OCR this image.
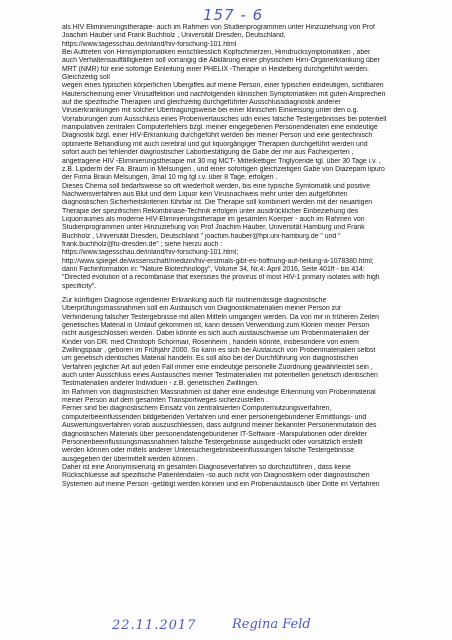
157 - 6
als HIV Eliminierungstherapie- auch im Rahmen von Studienprogrammen unter Hinzuziehung von Prof
Joachim Hauber und Frank Buchholz , Universität Dresden, Deutschland,
https://www.tagesschau.de/inland/hiv-forschung-101.html
Bei Auftreten von Hirnsymptomatiken einschliesslich Kopfschmerzen, Hirndrucksymptomatiken , aber
auch Verhaltensauffälligkeiten soll vorrangig die Abklärung einer physischen Hirn-Organerkrankung über
MRT (NMR) für eine sofortige Einleitung einer PHELIX -Therapie in Heidelberg durchgeführt werden.
Gleichzeitig soll
wegen eines typischen körperlichen Übergiffes auf meine Person, einer typischen eindeutigen, sichtbaren
Hauterscheinung einer Virusaffektion und nachfolgenden klinischen Symptomatiken mit guten Ansprechen
auf die spezifische Therapien und gleichzeitig durchgeführter Ausschlussdiagnostik anderer
Viruserkrankungen mit solcher Übertragungsweise bei einer klinischen Einweisung unter den o.g.
Vorraburungen zum Ausschluss eines Probenvertausches udn eines falsche Testergebnisses bei potentiell
manipulativen zentralen Computerfehlers bzgl. meiner eingegebenen Personendenaten eine eindeutige
Diagnostik bzgl. einer HIV-Erkrankung durchgeführt werden bei meiner Person und eine gentechnisch
optimierte Behandlung mit auch cerebral und gut liquorgängiger Therapien durchgeführt werden und
sofort auch bei fehlender diagnostischer Laborbestätigung die Gabe der mir aus Fachexperten ,
angetragene HIV -Eliminierungstherapie mit 30 mg MCT- Mittelkettiger Triglyceride tgl. über 30 Tage i.v. ,
z.B. Lipiderm der Fa. Braum in Melsungen , und einer sofortigen gleichzeitigen Gabe von Diazepam lipuro
der Firma Braun Melsungen, 3mal 10 mg tgl i.v. über 8 Tage, erfolgen .
Dieses Chema soll bedarfsweise so oft wiederholt werden, bis eine typische Symtomatik und positive
Nachweisverfahren aus Blut und dem Liquor kein Virusnachweis mehr unter den aufgeführten
diagnostischen Sicherheitskriterien führbar ist. Die Therapie soll kombiniert werden mit der neuartigen
Therapie der spezifischen Rekombinase-Technik erfolgen unter ausdrücklicher Einbeziehung des
Liquorraumes als moderne HIV-Eliminierungstherapie im gesamten Koerper - auch im Rahmen von
Studienprogrammen unter Hinzuziehung von Prof Joachim Hauber, Universität Hamburg und Frank
Buchholz , Universität Dresden, Deutschland " joachim.hauber@hpi.uni-hamburg.de " und "
frank.buchholz@tu-dresden.de" ; siehe hierzu auch :
https://www.tagesschau.de/inland/hiv-forschung-101.html;
http://www.spiegel.de/wissenschaft/medizin/hiv-erstmals-gibt-es-hoffnung-auf-heilung-a-1078380.html;
darin Fachinformation in: "Nature Biotechnology", Volume 34, Nr.4: April 2016, Seite 401ff - bis 414:
"Directed evolution of a recombinase that exersises the provirus of most HIV-1 primary isolates with high
specificity".
Zur künftigen Diagnose irgendeiner Erkrankung auch für routinemässige diagnostische
Überprüfungsmassnahmen soll ein Austausch von Diagnostikmaterialien meiner Person zur
Verhinderung falscher Testergebnisse mit allen Mitteln umgangen werden. Da von mir in früheren Zeiten
genetisches Material in Umlauf gekommen ist, kann dessen Verwendung zum Klonen meiner Person
nicht ausgeschlossen werden. Dabei könnte es sich auch austauschweise um Probenmaterialien der
Kinder von DR. med Christoph Schormair, Rosenheim , handeln könnte, insbesondere von einem
Zwillingspaar , geboren im Frühjahr 2000. So kann es sich bei Austausch von Probenmaterialien selbst
um genetisch identisches Material handeln. Es soll also bei der Durchführung von diagnostischen
Verfahren jeglicher Art auf jeden Fall immer eine eindeutige personelle Zuordnung gewährleistet sein ,
auch unter Ausschluss eines Austausches meiner Testmaterialien mit potentiellen genetisch identischen
Testmaterialien anderer Individuen - z.B. genetischen Zwillingen.
Im Rahmen von diagnostischen Massnahmen ist daher eine eindeutige Erkennung von Probenmaterial
meiner Person auf dem gesamten Transportweges sicherzustellen .
Ferner sind bei diagnostischem Einsatz von zentralisierten Computernutzungsverfahren,
computerbeeinflussenden bildgebenden Verfahren und einer personengebundener Ermittlungs- und
Auswertungsverfahren vorab auszuschliessen, dass aufgrund meiner bekannter Personenmutation des
diagnostischen Materials über personendatengebundener IT-Software -Manipulationen oder direkter
Personenbeeinflussungsmassnahmen falsche Testergebnisse ausgedruckt oder vorsätzlich erstellt
werden können oder mittels anderer Untersuchergebnisbeeinflussungen falsche Testergebnisse
ausgegeben der übermittelt werden können .
Daher ist eine Anonymisierung im gesamten Diagnoseverfahren so durchzuführen , dass keine
Rückschluesse auf spezifische Patientendaten -so auch nicht von Diagnostikern oder diagnostischen
Systemen auf meine Person -getätigt werden können und ein Probenaustausch über Dritte im Verfahren
22.11.2017	Regina Feld
